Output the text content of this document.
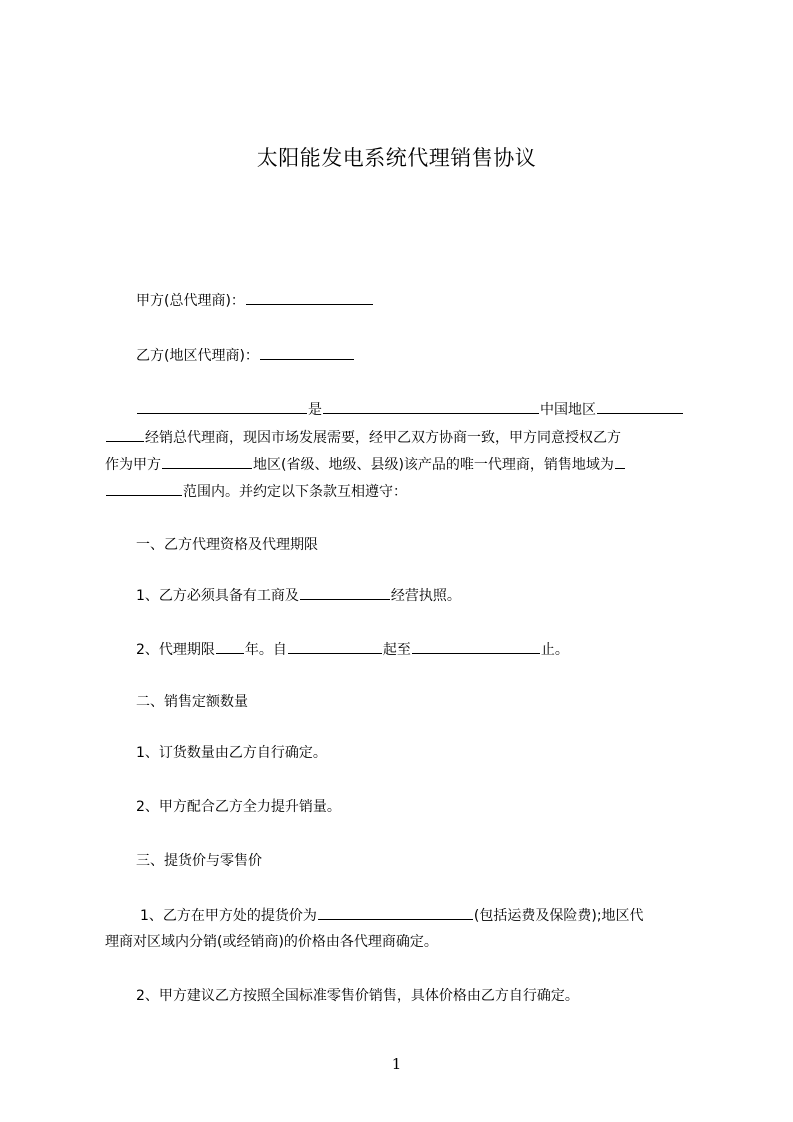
太阳能发电系统代理销售协议
甲方(总代理商)：
乙方(地区代理商)：
是	中国地区
经销总代理商，现因市场发展需要，经甲乙双方协商一致，甲方同意授权乙方
作为甲方	地区(省级、地级、县级)该产品的唯一代理商，销售地域为
范围内。并约定以下条款互相遵守：
一、乙方代理资格及代理期限
1、乙方必须具备有工商及	经营执照。
2、代理期限 年。自	起至	止。
二、销售定额数量
1、订货数量由乙方自行确定。
2、甲方配合乙方全力提升销量。
三、提货价与零售价
1、乙方在甲方处的提货价为	(包括运费及保险费);地区代
理商对区域内分销(或经销商)的价格由各代理商确定。
2、甲方建议乙方按照全国标准零售价销售，具体价格由乙方自行确定。
1
